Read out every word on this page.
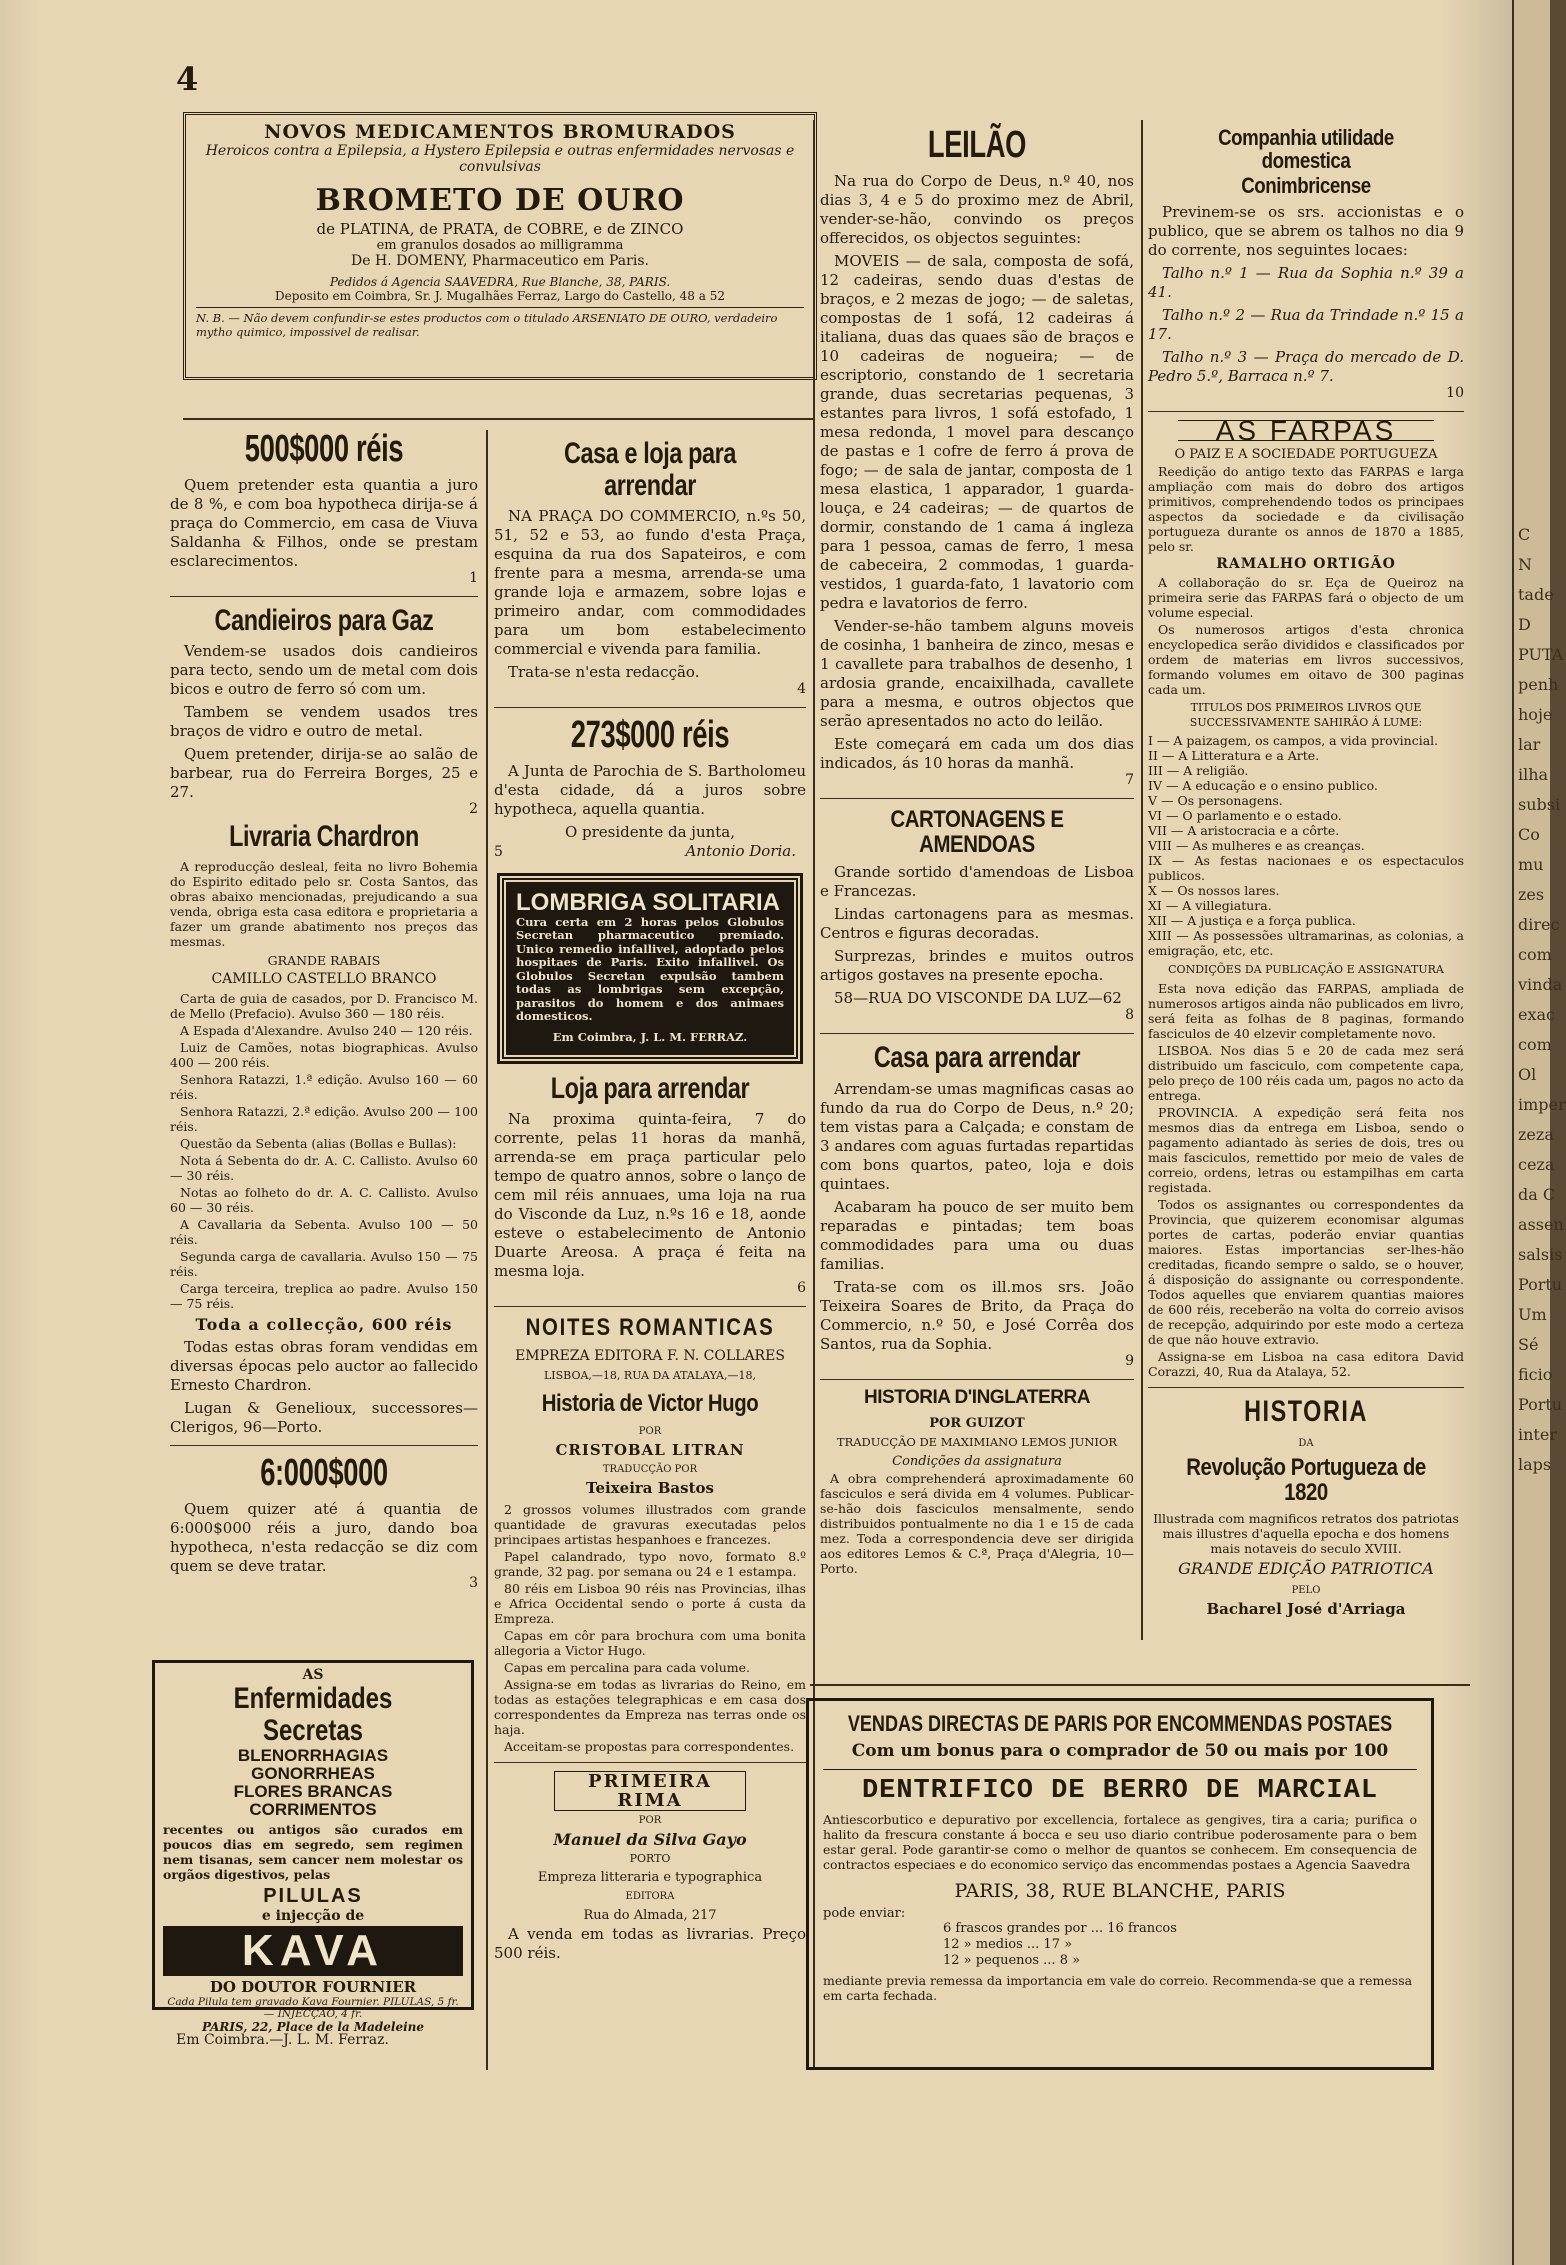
4
NOVOS MEDICAMENTOS BROMURADOS
Heroicos contra a Epilepsia, a Hystero Epilepsia e outras enfermidades nervosas e convulsivas
BROMETO DE OURO
de PLATINA, de PRATA, de COBRE, e de ZINCO
em granulos dosados ao milligramma
De H. DOMENY, Pharmaceutico em Paris.
Pedidos á Agencia SAAVEDRA, Rue Blanche, 38, PARIS.
Deposito em Coimbra, Sr. J. Mugalhães Ferraz, Largo do Castello, 48 a 52
N. B. — Não devem confundir-se estes productos com o titulado ARSENIATO DE OURO, verdadeiro mytho quimico, impossivel de realisar.
500$000 réis

Quem pretender esta quantia a juro de 8 %, e com boa hypotheca dirija-se á praça do Commercio, em casa de Viuva Saldanha & Filhos, onde se prestam esclarecimentos.

1
Candieiros para Gaz

Vendem-se usados dois candieiros para tecto, sendo um de metal com dois bicos e outro de ferro só com um.

Tambem se vendem usados tres braços de vidro e outro de metal.

Quem pretender, dirija-se ao salão de barbear, rua do Ferreira Borges, 25 e 27.

2
Livraria Chardron

A reproducção desleal, feita no livro Bohemia do Espirito editado pelo sr. Costa Santos, das obras abaixo mencionadas, prejudicando a sua venda, obriga esta casa editora e proprietaria a fazer um grande abatimento nos preços das mesmas.

GRANDE RABAIS
CAMILLO CASTELLO BRANCO

Carta de guia de casados, por D. Francisco M. de Mello (Prefacio). Avulso 360 — 180 réis.

A Espada d'Alexandre. Avulso 240 — 120 réis.

Luiz de Camões, notas biographicas. Avulso 400 — 200 réis.

Senhora Ratazzi, 1.ª edição. Avulso 160 — 60 réis.

Senhora Ratazzi, 2.ª edição. Avulso 200 — 100 réis.

Questão da Sebenta (alias (Bollas e Bullas):

Nota á Sebenta do dr. A. C. Callisto. Avulso 60 — 30 réis.

Notas ao folheto do dr. A. C. Callisto. Avulso 60 — 30 réis.

A Cavallaria da Sebenta. Avulso 100 — 50 réis.

Segunda carga de cavallaria. Avulso 150 — 75 réis.

Carga terceira, treplica ao padre. Avulso 150 — 75 réis.

Toda a collecção, 600 réis

Todas estas obras foram vendidas em diversas épocas pelo auctor ao fallecido Ernesto Chardron.

Lugan & Genelioux, successores—Clerigos, 96—Porto.

6:000$000

Quem quizer até á quantia de 6:000$000 réis a juro, dando boa hypotheca, n'esta redacção se diz com quem se deve tratar.

3
AS
Enfermidades Secretas
BLENORRHAGIAS
GONORRHEAS
FLORES BRANCAS
CORRIMENTOS
recentes ou antigos são curados em poucos dias em segredo, sem regimen nem tisanas, sem cancer nem molestar os orgãos digestivos, pelas
PILULAS
e injecção de
KAVA
DO DOUTOR FOURNIER
Cada Pilula tem gravado Kava Fournier. PILULAS, 5 fr. — INJECÇÃO, 4 fr.
PARIS, 22, Place de la Madeleine
Em Coimbra.—J. L. M. Ferraz.
Casa e loja para arrendar

NA PRAÇA DO COMMERCIO, n.ºs 50, 51, 52 e 53, ao fundo d'esta Praça, esquina da rua dos Sapateiros, e com frente para a mesma, arrenda-se uma grande loja e armazem, sobre lojas e primeiro andar, com commodidades para um bom estabelecimento commercial e vivenda para familia.

Trata-se n'esta redacção.

4
273$000 réis

A Junta de Parochia de S. Bartholomeu d'esta cidade, dá a juros sobre hypotheca, aquella quantia.

O presidente da junta,
Antonio Doria.
5
LOMBRIGA SOLITARIA
Cura certa em 2 horas pelos Globulos Secretan pharmaceutico premiado. Unico remedio infallivel, adoptado pelos hospitaes de Paris. Exito infallivel. Os Globulos Secretan expulsão tambem todas as lombrigas sem excepção, parasitos do homem e dos animaes domesticos.
Em Coimbra, J. L. M. FERRAZ.
Loja para arrendar

Na proxima quinta-feira, 7 do corrente, pelas 11 horas da manhã, arrenda-se em praça particular pelo tempo de quatro annos, sobre o lanço de cem mil réis annuaes, uma loja na rua do Visconde da Luz, n.ºs 16 e 18, aonde esteve o estabelecimento de Antonio Duarte Areosa. A praça é feita na mesma loja.

6
NOITES ROMANTICAS
EMPREZA EDITORA F. N. COLLARES
LISBOA,—18, RUA DA ATALAYA,—18,
Historia de Victor Hugo
POR
CRISTOBAL LITRAN
TRADUCÇÃO POR
Teixeira Bastos

2 grossos volumes illustrados com grande quantidade de gravuras executadas pelos principaes artistas hespanhoes e francezes.

Papel calandrado, typo novo, formato 8.º grande, 32 pag. por semana ou 24 e 1 estampa.

80 réis em Lisboa 90 réis nas Provincias, ilhas e Africa Occidental sendo o porte á custa da Empreza.

Capas em côr para brochura com uma bonita allegoria a Victor Hugo.

Capas em percalina para cada volume.

Assigna-se em todas as livrarias do Reino, em todas as estações telegraphicas e em casa dos correspondentes da Empreza nas terras onde os haja.

Acceitam-se propostas para correspondentes.

PRIMEIRA RIMA
POR
Manuel da Silva Gayo
PORTO
Empreza litteraria e typographica
EDITORA
Rua do Almada, 217

A venda em todas as livrarias. Preço 500 réis.

LEILÃO

Na rua do Corpo de Deus, n.º 40, nos dias 3, 4 e 5 do proximo mez de Abril, vender-se-hão, convindo os preços offerecidos, os objectos seguintes:

MOVEIS — de sala, composta de sofá, 12 cadeiras, sendo duas d'estas de braços, e 2 mezas de jogo; — de saletas, compostas de 1 sofá, 12 cadeiras á italiana, duas das quaes são de braços e 10 cadeiras de nogueira; — de escriptorio, constando de 1 secretaria grande, duas secretarias pequenas, 3 estantes para livros, 1 sofá estofado, 1 mesa redonda, 1 movel para descanço de pastas e 1 cofre de ferro á prova de fogo; — de sala de jantar, composta de 1 mesa elastica, 1 apparador, 1 guarda-louça, e 24 cadeiras; — de quartos de dormir, constando de 1 cama á ingleza para 1 pessoa, camas de ferro, 1 mesa de cabeceira, 2 commodas, 1 guarda-vestidos, 1 guarda-fato, 1 lavatorio com pedra e lavatorios de ferro.

Vender-se-hão tambem alguns moveis de cosinha, 1 banheira de zinco, mesas e 1 cavallete para trabalhos de desenho, 1 ardosia grande, encaixilhada, cavallete para a mesma, e outros objectos que serão apresentados no acto do leilão.

Este começará em cada um dos dias indicados, ás 10 horas da manhã.

7
CARTONAGENS E AMENDOAS

Grande sortido d'amendoas de Lisboa e Francezas.

Lindas cartonagens para as mesmas. Centros e figuras decoradas.

Surprezas, brindes e muitos outros artigos gostaves na presente epocha.

58—RUA DO VISCONDE DA LUZ—62

8
Casa para arrendar

Arrendam-se umas magnificas casas ao fundo da rua do Corpo de Deus, n.º 20; tem vistas para a Calçada; e constam de 3 andares com aguas furtadas repartidas com bons quartos, pateo, loja e dois quintaes.

Acabaram ha pouco de ser muito bem reparadas e pintadas; tem boas commodidades para uma ou duas familias.

Trata-se com os ill.mos srs. João Teixeira Soares de Brito, da Praça do Commercio, n.º 50, e José Corrêa dos Santos, rua da Sophia.

9
HISTORIA D'INGLATERRA
POR GUIZOT
TRADUCÇÃO DE MAXIMIANO LEMOS JUNIOR
Condições da assignatura

A obra comprehenderá aproximadamente 60 fasciculos e será divida em 4 volumes. Publicar-se-hão dois fasciculos mensalmente, sendo distribuidos pontualmente no dia 1 e 15 de cada mez. Toda a correspondencia deve ser dirigida aos editores Lemos & C.ª, Praça d'Alegria, 10—Porto.

Companhia utilidade domestica
Conimbricense

Previnem-se os srs. accionistas e o publico, que se abrem os talhos no dia 9 do corrente, nos seguintes locaes:

Talho n.º 1 — Rua da Sophia n.º 39 a 41.

Talho n.º 2 — Rua da Trindade n.º 15 a 17.

Talho n.º 3 — Praça do mercado de D. Pedro 5.º, Barraca n.º 7.

10
AS FARPAS
O PAIZ E A SOCIEDADE PORTUGUEZA

Reedição do antigo texto das FARPAS e larga ampliação com mais do dobro dos artigos primitivos, comprehendendo todos os principaes aspectos da sociedade e da civilisação portugueza durante os annos de 1870 a 1885, pelo sr.

RAMALHO ORTIGÃO

A collaboração do sr. Eça de Queiroz na primeira serie das FARPAS fará o objecto de um volume especial.

Os numerosos artigos d'esta chronica encyclopedica serão divididos e classificados por ordem de materias em livros successivos, formando volumes em oitavo de 300 paginas cada um.

TITULOS DOS PRIMEIROS LIVROS QUE SUCCESSIVAMENTE SAHIRÃO Á LUME:
I — A paizagem, os campos, a vida provincial.
II — A Litteratura e a Arte.
III — A religião.
IV — A educação e o ensino publico.
V — Os personagens.
VI — O parlamento e o estado.
VII — A aristocracia e a côrte.
VIII — As mulheres e as creanças.
IX — As festas nacionaes e os espectaculos publicos.
X — Os nossos lares.
XI — A villegiatura.
XII — A justiça e a força publica.
XIII — As possessões ultramarinas, as colonias, a emigração, etc, etc.
CONDIÇÕES DA PUBLICAÇÃO E ASSIGNATURA

Esta nova edição das FARPAS, ampliada de numerosos artigos ainda não publicados em livro, será feita as folhas de 8 paginas, formando fasciculos de 40 elzevir completamente novo.

LISBOA. Nos dias 5 e 20 de cada mez será distribuido um fasciculo, com competente capa, pelo preço de 100 réis cada um, pagos no acto da entrega.

PROVINCIA. A expedição será feita nos mesmos dias da entrega em Lisboa, sendo o pagamento adiantado às series de dois, tres ou mais fasciculos, remettido por meio de vales de correio, ordens, letras ou estampilhas em carta registada.

Todos os assignantes ou correspondentes da Provincia, que quizerem economisar algumas portes de cartas, poderão enviar quantias maiores. Estas importancias ser-lhes-hão creditadas, ficando sempre o saldo, se o houver, á disposição do assignante ou correspondente. Todos aquelles que enviarem quantias maiores de 600 réis, receberão na volta do correio avisos de recepção, adquirindo por este modo a certeza de que não houve extravio.

Assigna-se em Lisboa na casa editora David Corazzi, 40, Rua da Atalaya, 52.

HISTORIA
DA
Revolução Portugueza de 1820

Illustrada com magnificos retratos dos patriotas mais illustres d'aquella epocha e dos homens mais notaveis do seculo XVIII.

GRANDE EDIÇÃO PATRIOTICA
PELO
Bacharel José d'Arriaga
VENDAS DIRECTAS DE PARIS POR ENCOMMENDAS POSTAES
Com um bonus para o comprador de 50 ou mais por 100
DENTRIFICO DE BERRO DE MARCIAL
Antiescorbutico e depurativo por excellencia, fortalece as gengives, tira a caria; purifica o halito da frescura constante á bocca e seu uso diario contribue poderosamente para o bem estar geral. Pode garantir-se como o melhor de quantos se conhecem. Em consequencia de contractos especiaes e do economico serviço das encommendas postaes a Agencia Saavedra
PARIS, 38, RUE BLANCHE, PARIS
pode enviar:
6 frascos grandes por ... 16 francos
12 » medios ... 17 »
12 » pequenos ... 8 »
mediante previa remessa da importancia em vale do correio. Recommenda-se que a remessa em carta fechada.
C
N
tade
D
PUTA
penh
hoje
lar
ilha
subsi
Co
mu
zes
direc
com
vinda
exac
com
Ol
imper
zeza
ceza
da C
assen
salsis
Portu
Um
Sé
ficio
Portu
inter
laps
